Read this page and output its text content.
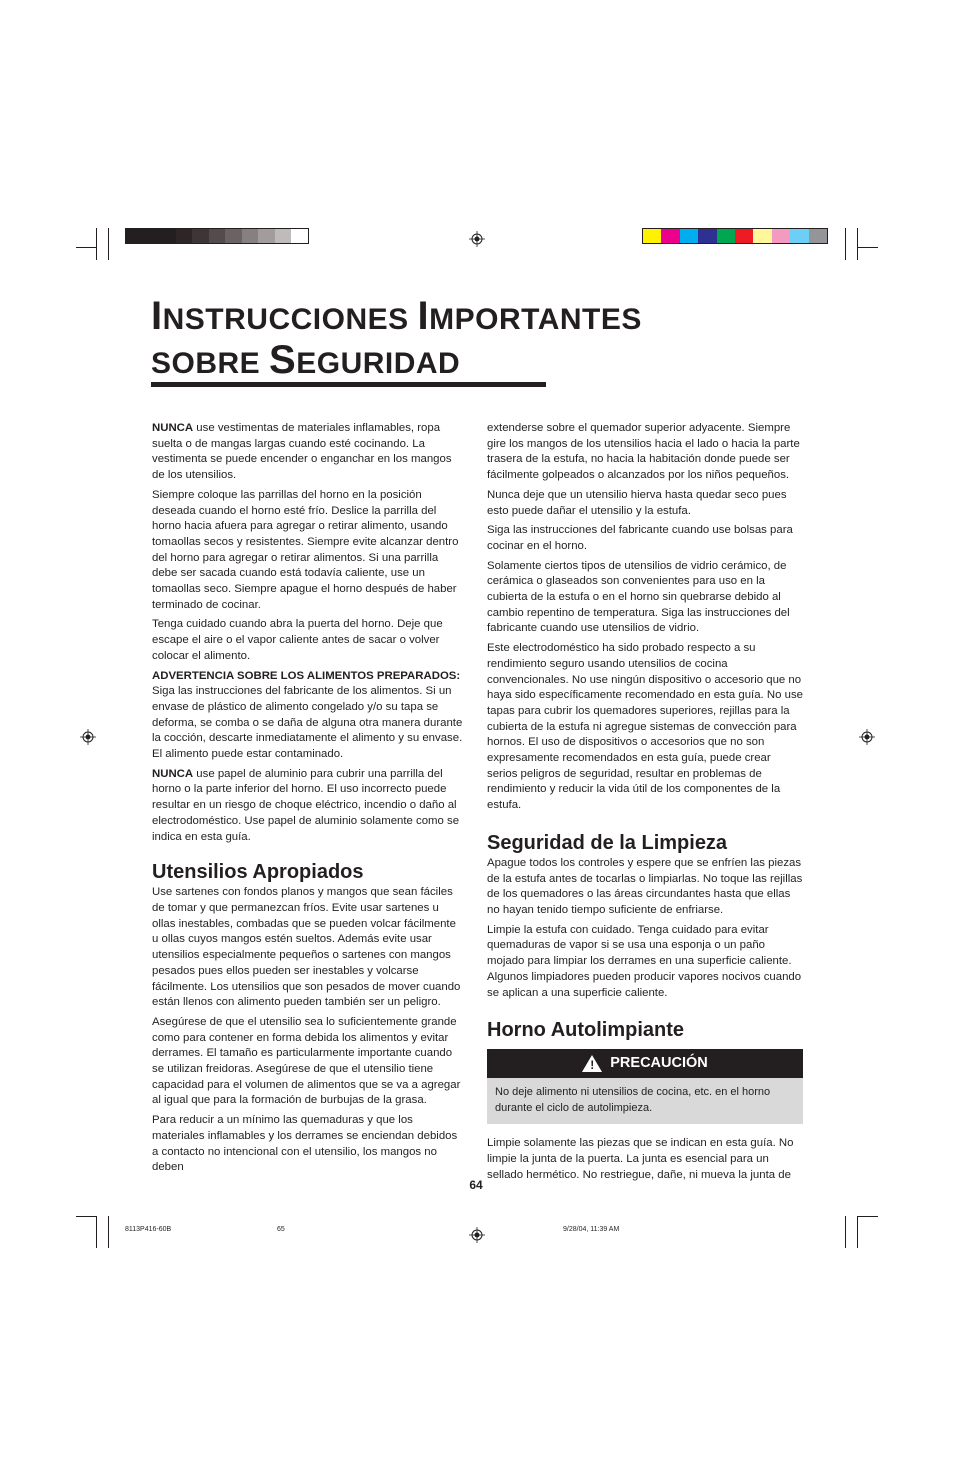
INSTRUCCIONES IMPORTANTES
SOBRE SEGURIDAD

NUNCA use vestimentas de materiales inflamables, ropa suelta o de mangas largas cuando esté cocinando. La vestimenta se puede encender o enganchar en los mangos de los utensilios.

Siempre coloque las parrillas del horno en la posición deseada cuando el horno esté frío. Deslice la parrilla del horno hacia afuera para agregar o retirar alimento, usando tomaollas secos y resistentes. Siempre evite alcanzar dentro del horno para agregar o retirar alimentos. Si una parrilla debe ser sacada cuando está todavía caliente, use un tomaollas seco. Siempre apague el horno después de haber terminado de cocinar.

Tenga cuidado cuando abra la puerta del horno. Deje que escape el aire o el vapor caliente antes de sacar o volver colocar el alimento.

ADVERTENCIA SOBRE LOS ALIMENTOS PREPARADOS:
Siga las instrucciones del fabricante de los alimentos. Si un envase de plástico de alimento congelado y/o su tapa se deforma, se comba o se daña de alguna otra manera durante la cocción, descarte inmediatamente el alimento y su envase. El alimento puede estar contaminado.

NUNCA use papel de aluminio para cubrir una parrilla del horno o la parte inferior del horno. El uso incorrecto puede resultar en un riesgo de choque eléctrico, incendio o daño al electrodoméstico. Use papel de aluminio solamente como se indica en esta guía.

Utensilios Apropiados

Use sartenes con fondos planos y mangos que sean fáciles de tomar y que permanezcan fríos. Evite usar sartenes u ollas inestables, combadas que se pueden volcar fácilmente u ollas cuyos mangos estén sueltos. Además evite usar utensilios especialmente pequeños o sartenes con mangos pesados pues ellos pueden ser inestables y volcarse fácilmente. Los utensilios que son pesados de mover cuando están llenos con alimento pueden también ser un peligro.

Asegúrese de que el utensilio sea lo suficientemente grande como para contener en forma debida los alimentos y evitar derrames. El tamaño es particularmente importante cuando se utilizan freidoras. Asegúrese de que el utensilio tiene capacidad para el volumen de alimentos que se va a agregar al igual que para la formación de burbujas de la grasa.

Para reducir a un mínimo las quemaduras y que los materiales inflamables y los derrames se enciendan debidos a contacto no intencional con el utensilio, los mangos no deben

extenderse sobre el quemador superior adyacente. Siempre gire los mangos de los utensilios hacia el lado o hacia la parte trasera de la estufa, no hacia la habitación donde puede ser fácilmente golpeados o alcanzados por los niños pequeños.

Nunca deje que un utensilio hierva hasta quedar seco pues esto puede dañar el utensilio y la estufa.

Siga las instrucciones del fabricante cuando use bolsas para cocinar en el horno.

Solamente ciertos tipos de utensilios de vidrio cerámico, de cerámica o glaseados son convenientes para uso en la cubierta de la estufa o en el horno sin quebrarse debido al cambio repentino de temperatura. Siga las instrucciones del fabricante cuando use utensilios de vidrio.

Este electrodoméstico ha sido probado respecto a su rendimiento seguro usando utensilios de cocina convencionales. No use ningún dispositivo o accesorio que no haya sido específicamente recomendado en esta guía. No use tapas para cubrir los quemadores superiores, rejillas para la cubierta de la estufa ni agregue sistemas de convección para hornos. El uso de dispositivos o accesorios que no son expresamente recomendados en esta guía, puede crear serios peligros de seguridad, resultar en problemas de rendimiento y reducir la vida útil de los componentes de la estufa.

Seguridad de la Limpieza

Apague todos los controles y espere que se enfríen las piezas de la estufa antes de tocarlas o limpiarlas. No toque las rejillas de los quemadores o las áreas circundantes hasta que ellas no hayan tenido tiempo suficiente de enfriarse.

Limpie la estufa con cuidado. Tenga cuidado para evitar quemaduras de vapor si se usa una esponja o un paño mojado para limpiar los derrames en una superficie caliente. Algunos limpiadores pueden producir vapores nocivos cuando se aplican a una superficie caliente.

Horno Autolimpiante
! PRECAUCIÓN
No deje alimento ni utensilios de cocina, etc. en el horno durante el ciclo de autolimpieza.

Limpie solamente las piezas que se indican en esta guía. No limpie la junta de la puerta. La junta es esencial para un sellado hermético. No restriegue, dañe, ni mueva la junta de

64
8113P416-60B	65	9/28/04, 11:39 AM
